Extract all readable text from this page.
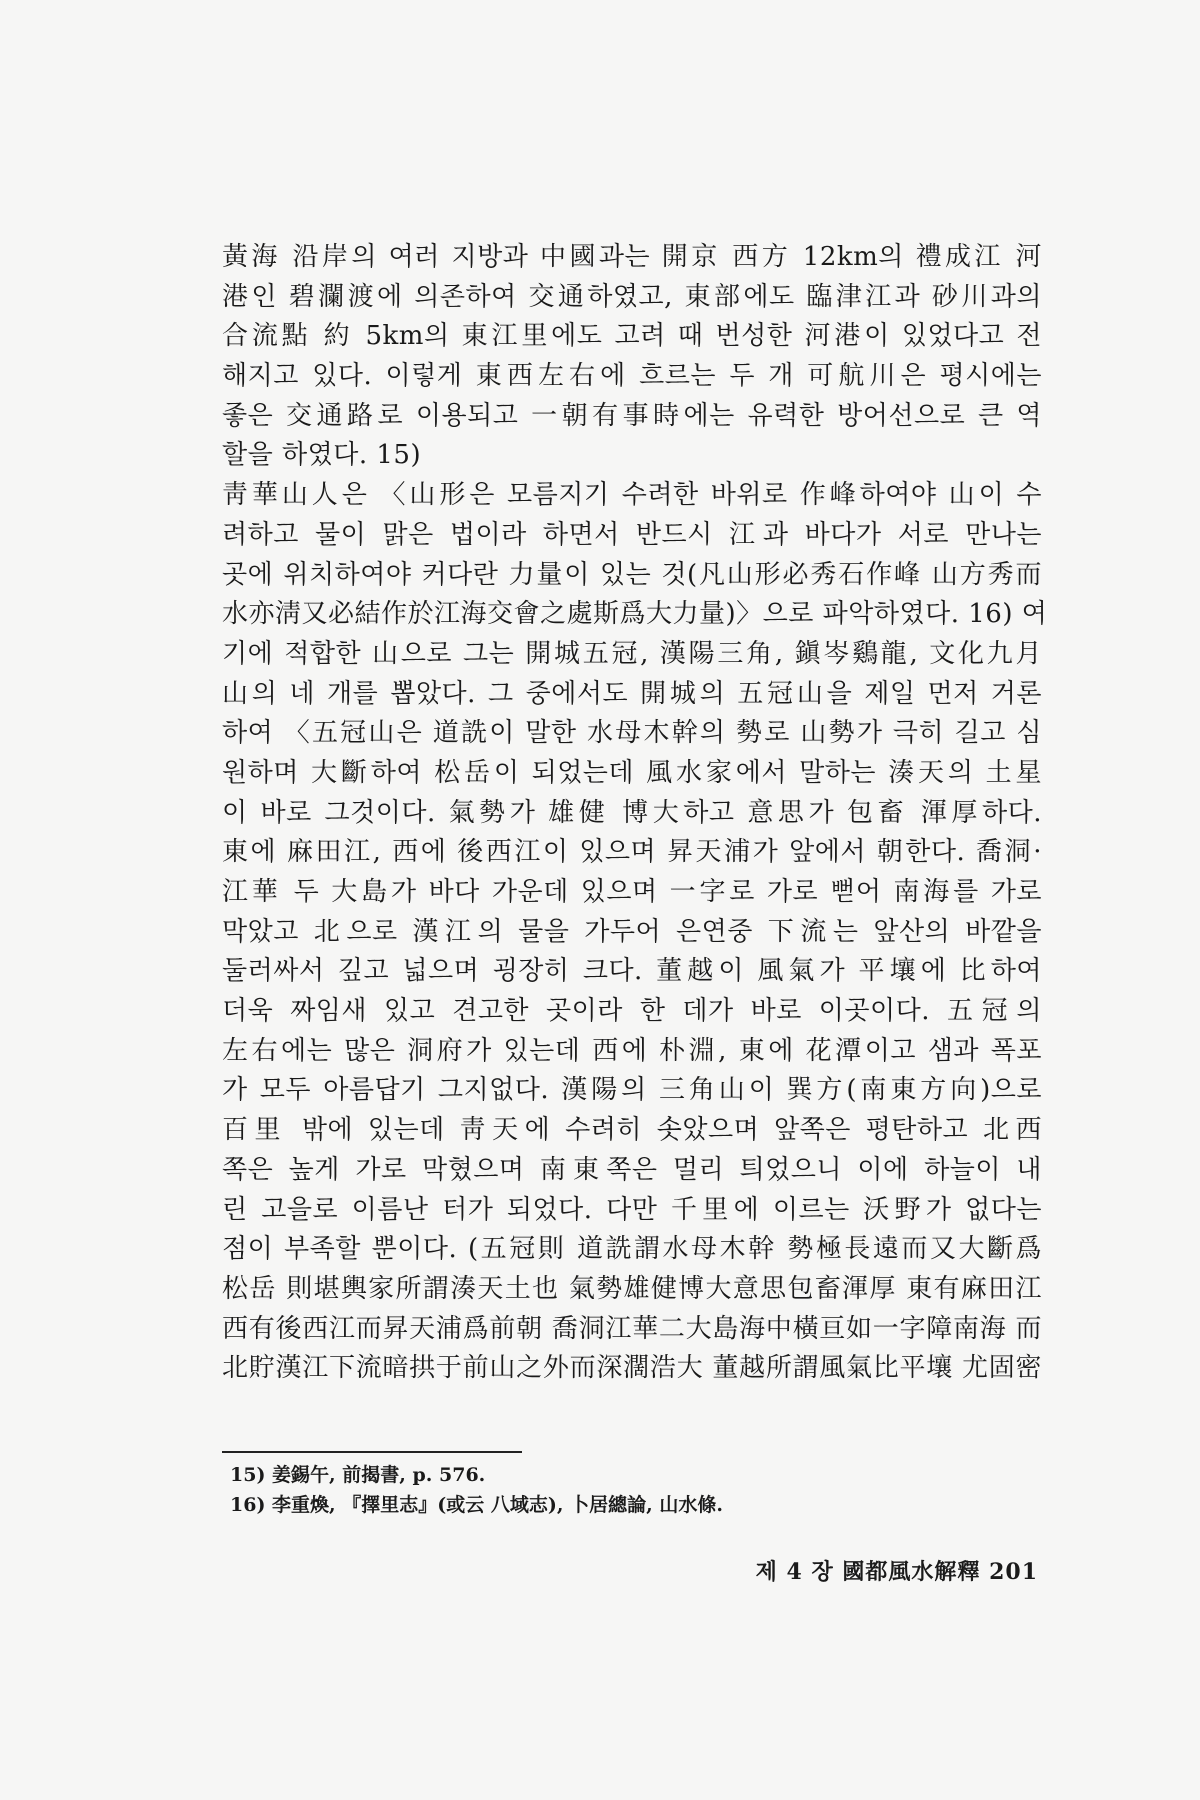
黃海 沿岸의 여러 지방과 中國과는 開京 西方 12km의 禮成江 河
港인 碧瀾渡에 의존하여 交通하였고, 東部에도 臨津江과 砂川과의
合流點 約 5km의 東江里에도 고려 때 번성한 河港이 있었다고 전
해지고 있다. 이렇게 東西左右에 흐르는 두 개 可航川은 평시에는
좋은 交通路로 이용되고 一朝有事時에는 유력한 방어선으로 큰 역
할을 하였다. 15)
靑華山人은 〈山形은 모름지기 수려한 바위로 作峰하여야 山이 수
려하고 물이 맑은 법이라 하면서 반드시 江과 바다가 서로 만나는
곳에 위치하여야 커다란 力量이 있는 것(凡山形必秀石作峰 山方秀而
水亦淸又必結作於江海交會之處斯爲大力量)〉으로 파악하였다. 16) 여
기에 적합한 山으로 그는 開城五冠, 漢陽三角, 鎭岑鷄龍, 文化九月
山의 네 개를 뽑았다. 그 중에서도 開城의 五冠山을 제일 먼저 거론
하여 〈五冠山은 道詵이 말한 水母木幹의 勢로 山勢가 극히 길고 심
원하며 大斷하여 松岳이 되었는데 風水家에서 말하는 湊天의 土星
이 바로 그것이다. 氣勢가 雄健 博大하고 意思가 包畜 渾厚하다.
東에 麻田江, 西에 後西江이 있으며 昇天浦가 앞에서 朝한다. 喬洞·
江華 두 大島가 바다 가운데 있으며 一字로 가로 뻗어 南海를 가로
막았고 北으로 漢江의 물을 가두어 은연중 下流는 앞산의 바깥을
둘러싸서 깊고 넓으며 굉장히 크다. 董越이 風氣가 平壤에 比하여
더욱 짜임새 있고 견고한 곳이라 한 데가 바로 이곳이다. 五冠의
左右에는 많은 洞府가 있는데 西에 朴淵, 東에 花潭이고 샘과 폭포
가 모두 아름답기 그지없다. 漢陽의 三角山이 巽方(南東方向)으로
百里 밖에 있는데 靑天에 수려히 솟았으며 앞쪽은 평탄하고 北西
쪽은 높게 가로 막혔으며 南東쪽은 멀리 틔었으니 이에 하늘이 내
린 고을로 이름난 터가 되었다. 다만 千里에 이르는 沃野가 없다는
점이 부족할 뿐이다. (五冠則 道詵謂水母木幹 勢極長遠而又大斷爲
松岳 則堪輿家所謂湊天土也 氣勢雄健博大意思包畜渾厚 東有麻田江
西有後西江而昇天浦爲前朝 喬洞江華二大島海中橫亘如一字障南海 而
北貯漢江下流暗拱于前山之外而深濶浩大 董越所謂風氣比平壤 尤固密
15) 姜錫午, 前揭書, p. 576.
16) 李重煥, 『擇里志』(或云 八域志), 卜居總論, 山水條.
제 4 장 國都風水解釋 201
